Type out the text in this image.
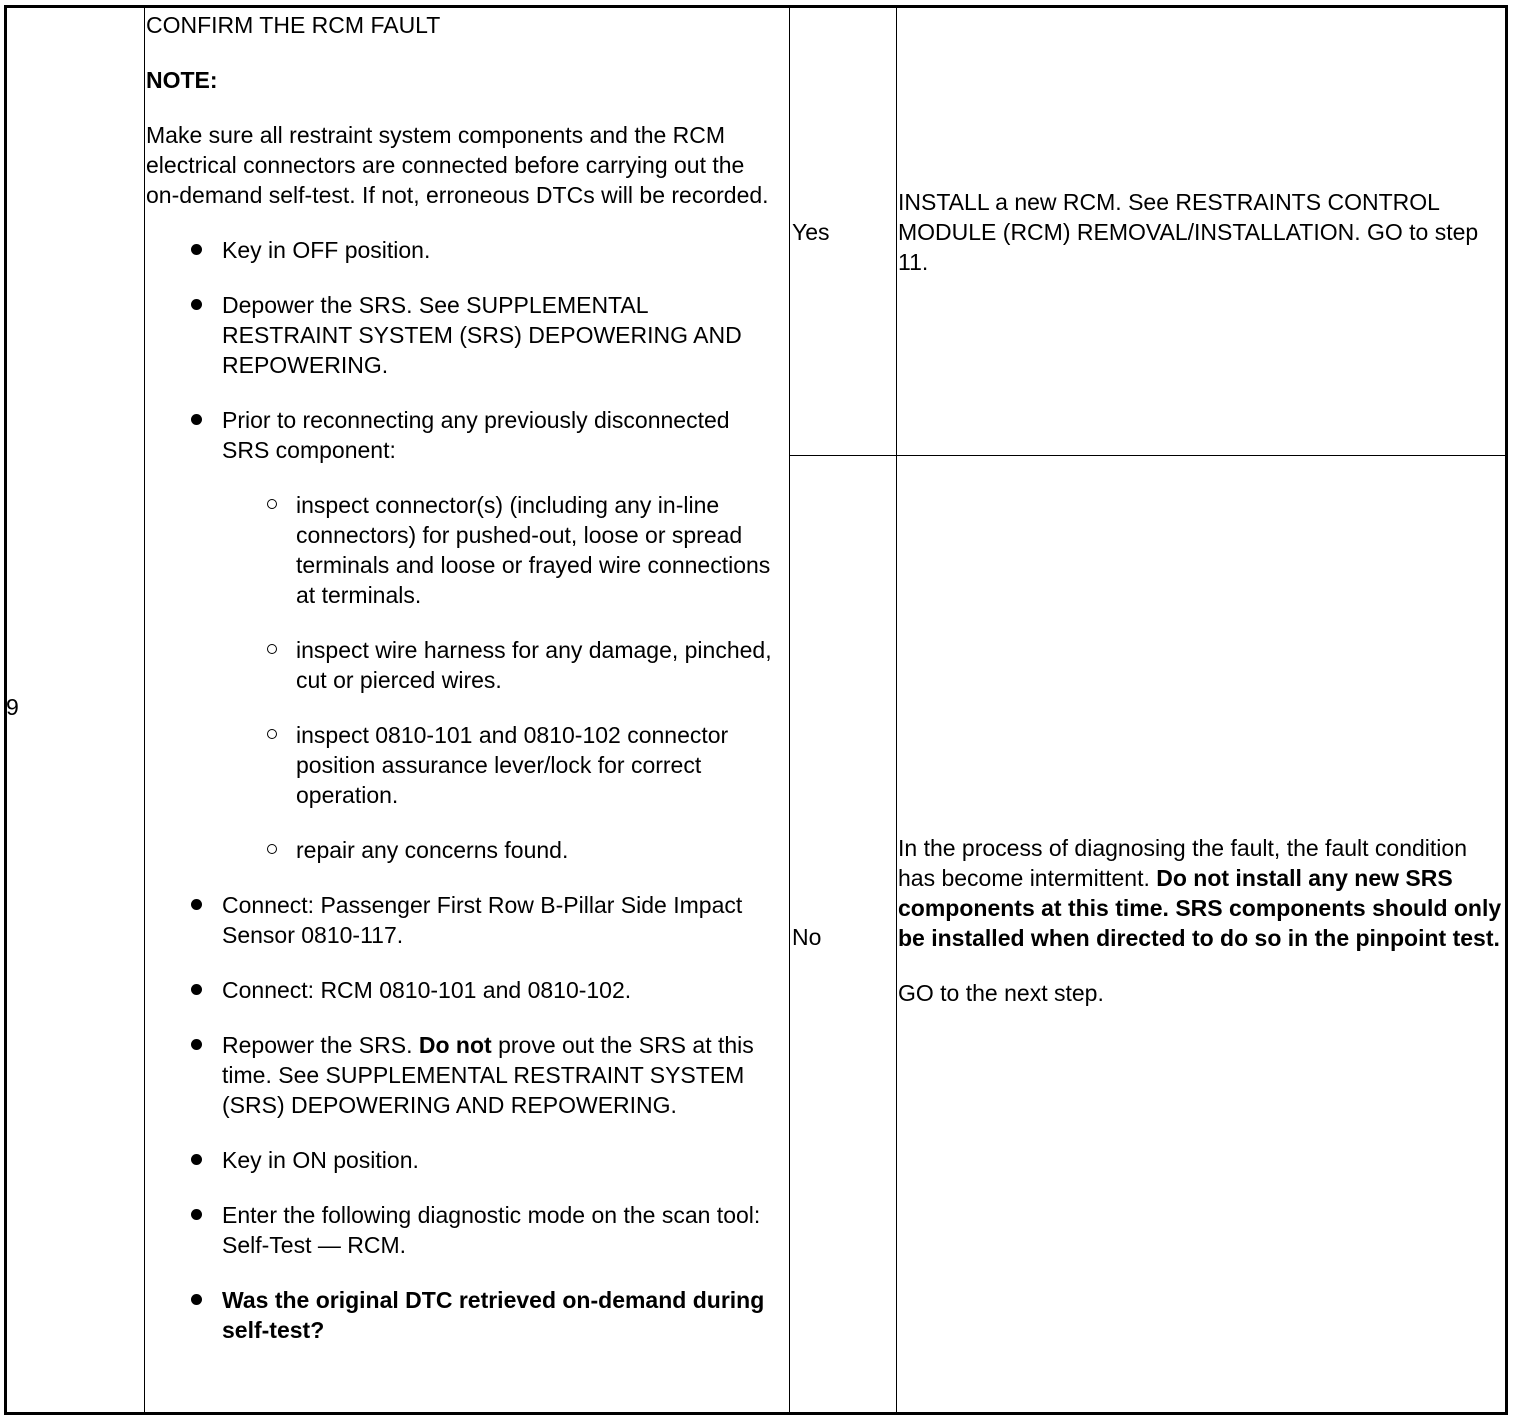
9

CONFIRM THE RCM FAULT

NOTE:

Make sure all restraint system components and the RCM electrical connectors are connected before carrying out the on-demand self-test. If not, erroneous DTCs will be recorded.

Key in OFF position.
Depower the SRS. See SUPPLEMENTAL RESTRAINT SYSTEM (SRS) DEPOWERING AND REPOWERING.
Prior to reconnecting any previously disconnected SRS component:
inspect connector(s) (including any in-line connectors) for pushed-out, loose or spread terminals and loose or frayed wire connections at terminals.
inspect wire harness for any damage, pinched, cut or pierced wires.
inspect 0810-101 and 0810-102 connector position assurance lever/lock for correct operation.
repair any concerns found.
Connect: Passenger First Row B-Pillar Side Impact Sensor 0810-117.
Connect: RCM 0810-101 and 0810-102.
Repower the SRS. Do not prove out the SRS at this time. See SUPPLEMENTAL RESTRAINT SYSTEM (SRS) DEPOWERING AND REPOWERING.
Key in ON position.
Enter the following diagnostic mode on the scan tool: Self-Test — RCM.
Was the original DTC retrieved on-demand during self-test?
Yes
INSTALL a new RCM. See RESTRAINTS CONTROL MODULE (RCM) REMOVAL/INSTALLATION. GO to step 11.
No

In the process of diagnosing the fault, the fault condition has become intermittent. Do not install any new SRS components at this time. SRS components should only be installed when directed to do so in the pinpoint test.

GO to the next step.
